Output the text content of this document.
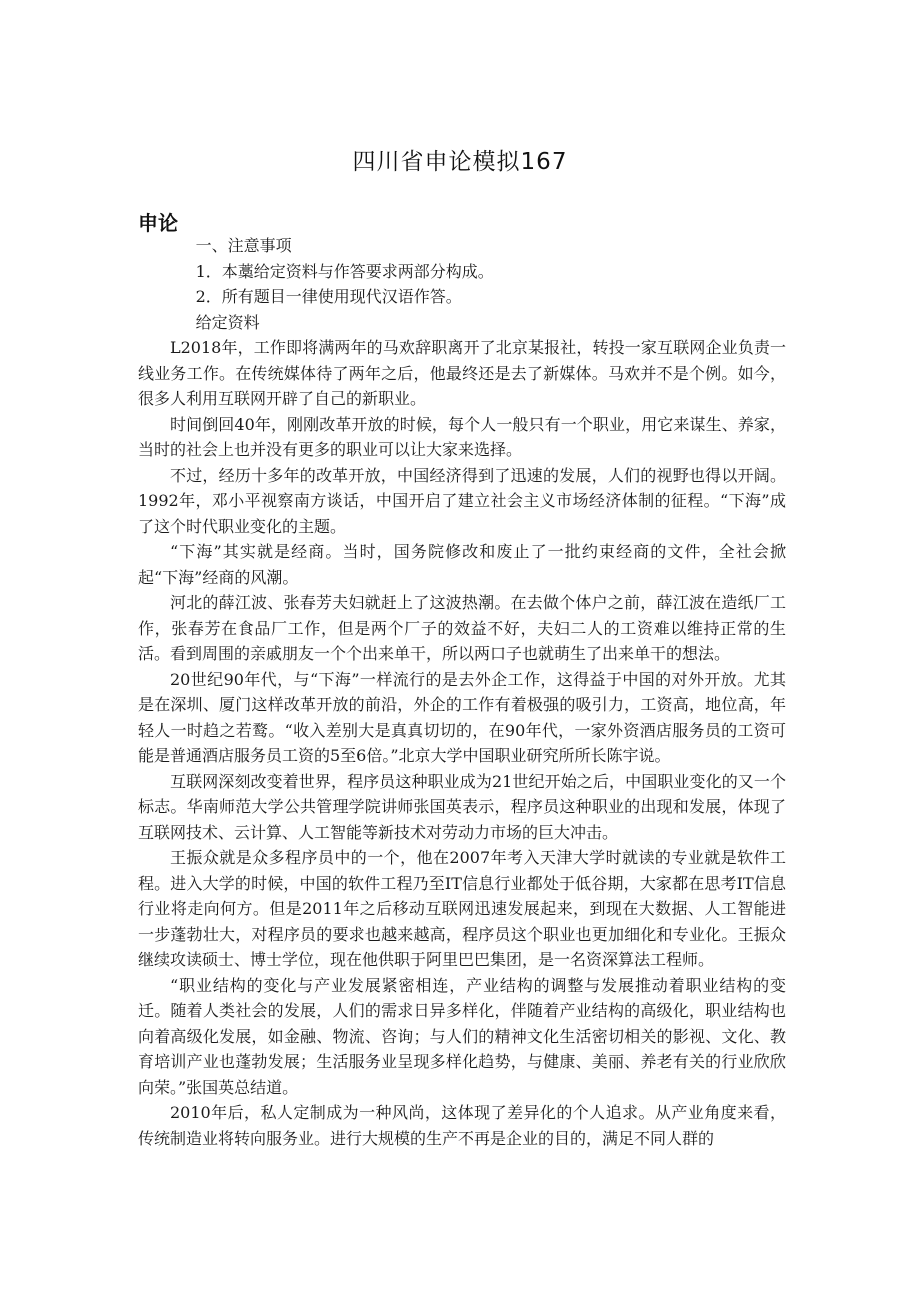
四川省申论模拟167
申论

一、注意事项

1．本藁给定资料与作答要求两部分构成。

2．所有题目一律使用现代汉语作答。

给定资料

L2018年，工作即将满两年的马欢辞职离开了北京某报社，转投一家互联网企业负责一线业务工作。在传统媒体待了两年之后，他最终还是去了新媒体。马欢并不是个例。如今，很多人利用互联网开辟了自己的新职业。

时间倒回40年，刚刚改革开放的时候，每个人一般只有一个职业，用它来谋生、养家，当时的社会上也并没有更多的职业可以让大家来选择。

不过，经历十多年的改革开放，中国经济得到了迅速的发展，人们的视野也得以开阔。1992年，邓小平视察南方谈话，中国开启了建立社会主义市场经济体制的征程。“下海”成了这个时代职业变化的主题。

“下海”其实就是经商。当时，国务院修改和废止了一批约束经商的文件，全社会掀起“下海”经商的风潮。

河北的薛江波、张春芳夫妇就赶上了这波热潮。在去做个体户之前，薛江波在造纸厂工作，张春芳在食品厂工作，但是两个厂子的效益不好，夫妇二人的工资难以维持正常的生活。看到周围的亲戚朋友一个个出来单干，所以两口子也就萌生了出来单干的想法。

20世纪90年代，与“下海”一样流行的是去外企工作，这得益于中国的对外开放。尤其是在深圳、厦门这样改革开放的前沿，外企的工作有着极强的吸引力，工资高，地位高，年轻人一时趋之若鹜。“收入差别大是真真切切的，在90年代，一家外资酒店服务员的工资可能是普通酒店服务员工资的5至6倍。”北京大学中国职业研究所所长陈宇说。

互联网深刻改变着世界，程序员这种职业成为21世纪开始之后，中国职业变化的又一个标志。华南师范大学公共管理学院讲师张国英表示，程序员这种职业的出现和发展，体现了互联网技术、云计算、人工智能等新技术对劳动力市场的巨大冲击。

王振众就是众多程序员中的一个，他在2007年考入天津大学时就读的专业就是软件工程。进入大学的时候，中国的软件工程乃至IT信息行业都处于低谷期，大家都在思考IT信息行业将走向何方。但是2011年之后移动互联网迅速发展起来，到现在大数据、人工智能进一步蓬勃壮大，对程序员的要求也越来越高，程序员这个职业也更加细化和专业化。王振众继续攻读硕士、博士学位，现在他供职于阿里巴巴集团，是一名资深算法工程师。

“职业结构的变化与产业发展紧密相连，产业结构的调整与发展推动着职业结构的变迁。随着人类社会的发展，人们的需求日异多样化，伴随着产业结构的高级化，职业结构也向着高级化发展，如金融、物流、咨询；与人们的精神文化生活密切相关的影视、文化、教育培训产业也蓬勃发展；生活服务业呈现多样化趋势，与健康、美丽、养老有关的行业欣欣向荣。”张国英总结道。

2010年后，私人定制成为一种风尚，这体现了差异化的个人追求。从产业角度来看，传统制造业将转向服务业。进行大规模的生产不再是企业的目的，满足不同人群的
